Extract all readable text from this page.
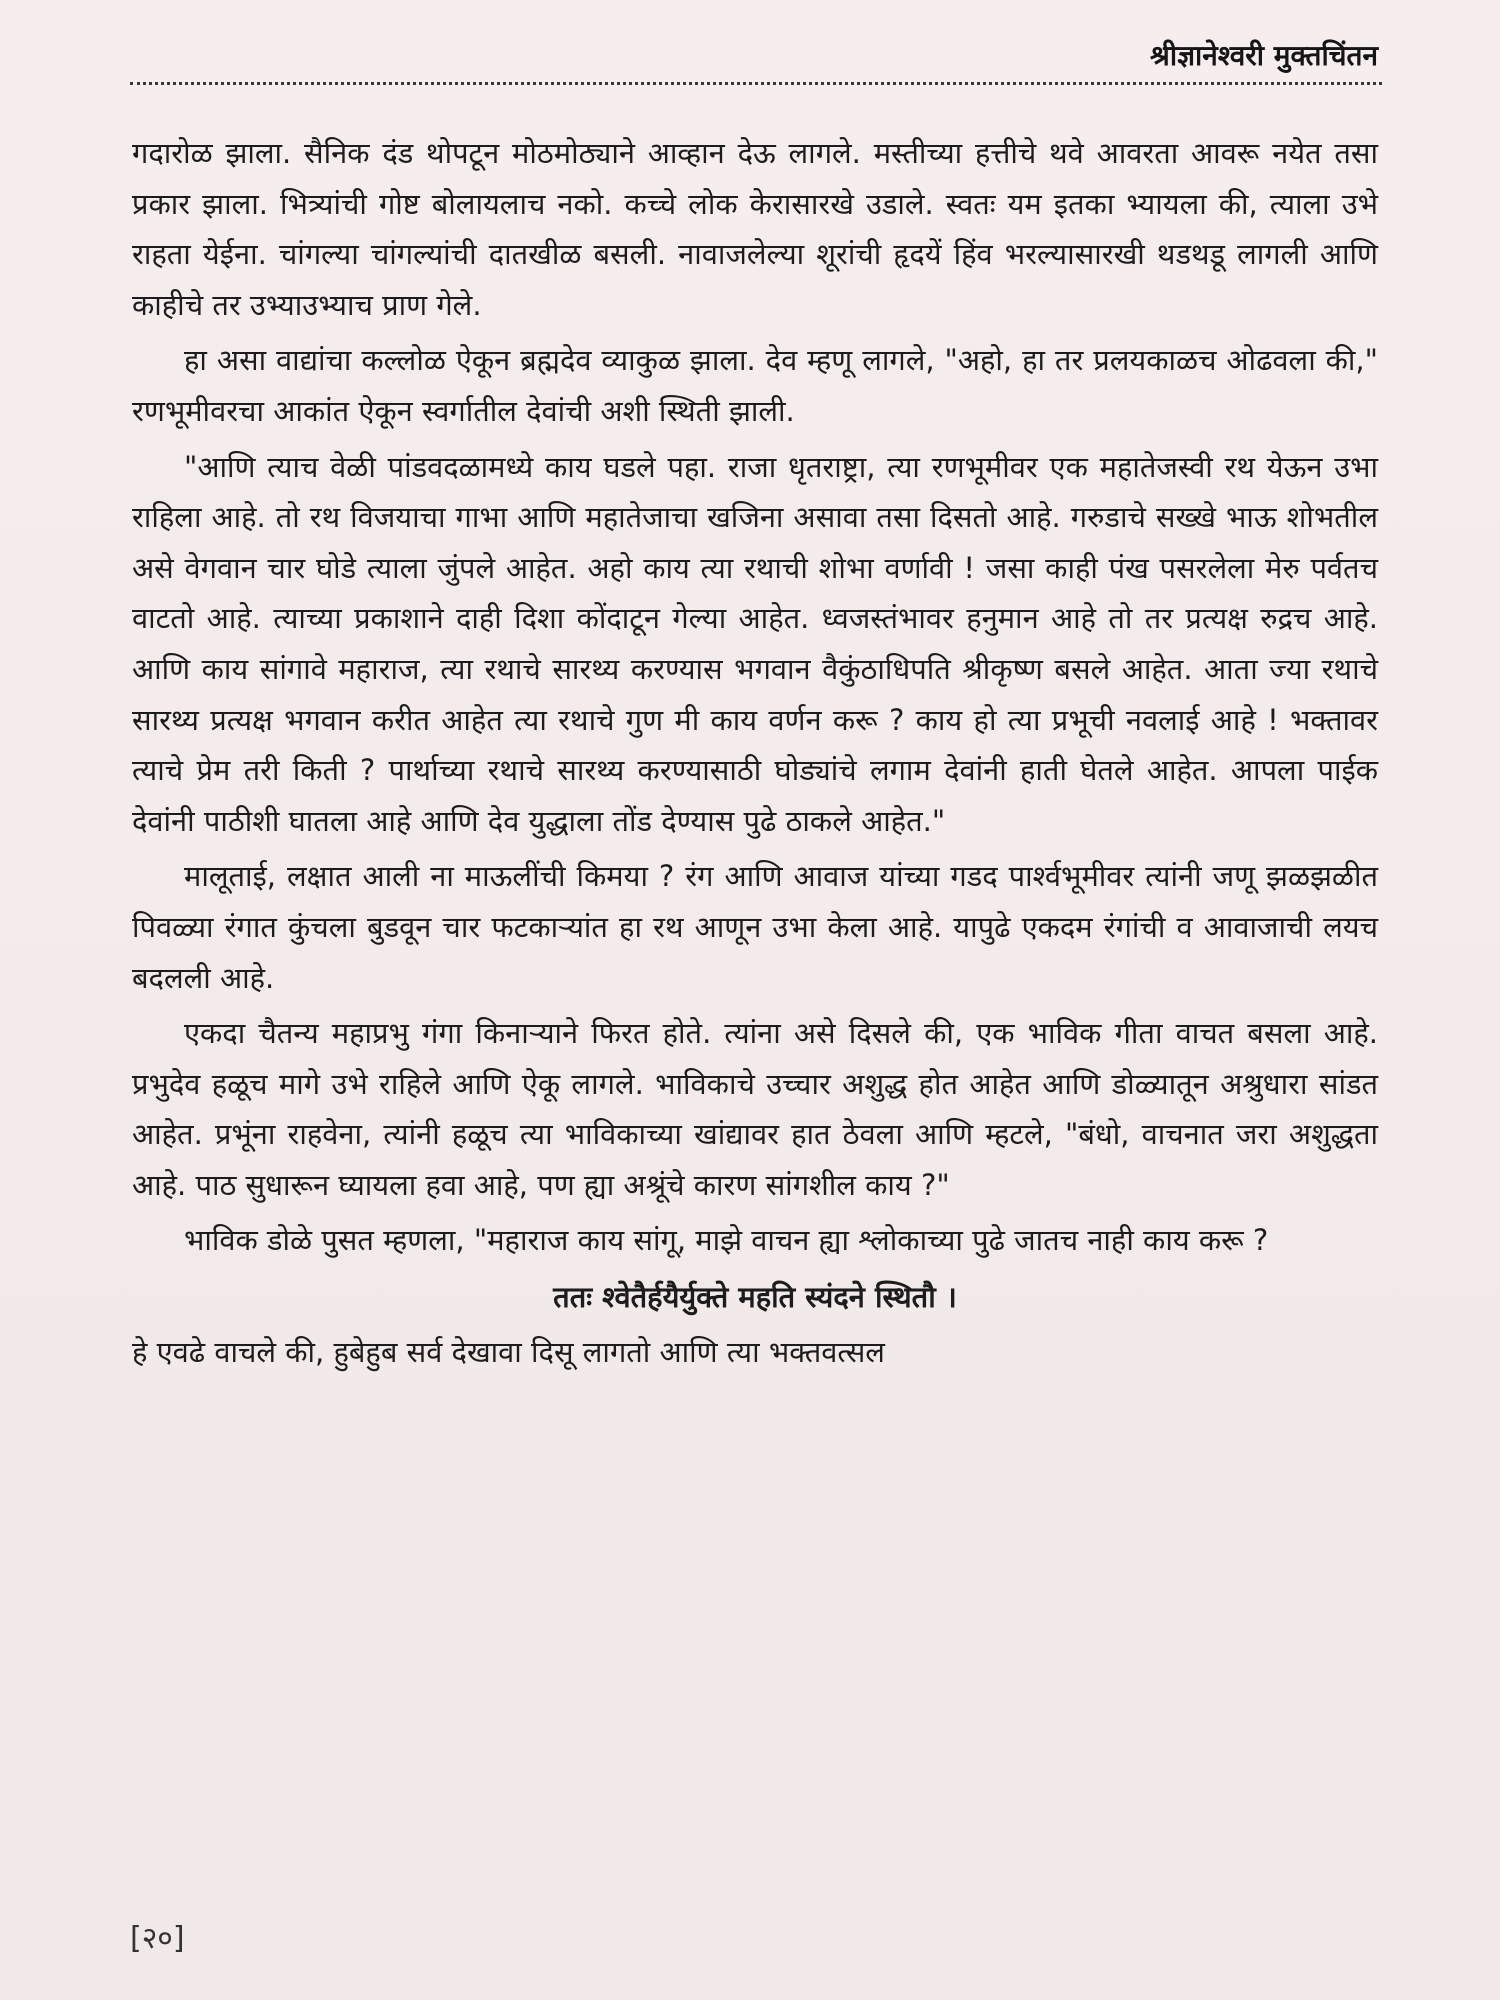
श्रीज्ञानेश्वरी मुक्तचिंतन

गदारोळ झाला. सैनिक दंड थोपटून मोठमोठ्याने आव्हान देऊ लागले. मस्तीच्या हत्तीचे थवे आवरता आवरू नयेत तसा प्रकार झाला. भित्र्यांची गोष्ट बोलायलाच नको. कच्चे लोक केरासारखे उडाले. स्वतः यम इतका भ्यायला की, त्याला उभे राहता येईना. चांगल्या चांगल्यांची दातखीळ बसली. नावाजलेल्या शूरांची हृदयें हिंव भरल्यासारखी थडथडू लागली आणि काहीचे तर उभ्याउभ्याच प्राण गेले.

हा असा वाद्यांचा कल्लोळ ऐकून ब्रह्मदेव व्याकुळ झाला. देव म्हणू लागले, "अहो, हा तर प्रलयकाळच ओढवला की," रणभूमीवरचा आकांत ऐकून स्वर्गातील देवांची अशी स्थिती झाली.

"आणि त्याच वेळी पांडवदळामध्ये काय घडले पहा. राजा धृतराष्ट्रा, त्या रणभूमीवर एक महातेजस्वी रथ येऊन उभा राहिला आहे. तो रथ विजयाचा गाभा आणि महातेजाचा खजिना असावा तसा दिसतो आहे. गरुडाचे सख्खे भाऊ शोभतील असे वेगवान चार घोडे त्याला जुंपले आहेत. अहो काय त्या रथाची शोभा वर्णावी ! जसा काही पंख पसरलेला मेरु पर्वतच वाटतो आहे. त्याच्या प्रकाशाने दाही दिशा कोंदाटून गेल्या आहेत. ध्वजस्तंभावर हनुमान आहे तो तर प्रत्यक्ष रुद्रच आहे. आणि काय सांगावे महाराज, त्या रथाचे सारथ्य करण्यास भगवान वैकुंठाधिपति श्रीकृष्ण बसले आहेत. आता ज्या रथाचे सारथ्य प्रत्यक्ष भगवान करीत आहेत त्या रथाचे गुण मी काय वर्णन करू ? काय हो त्या प्रभूची नवलाई आहे ! भक्तावर त्याचे प्रेम तरी किती ? पार्थाच्या रथाचे सारथ्य करण्यासाठी घोड्यांचे लगाम देवांनी हाती घेतले आहेत. आपला पाईक देवांनी पाठीशी घातला आहे आणि देव युद्धाला तोंड देण्यास पुढे ठाकले आहेत."

मालूताई, लक्षात आली ना माऊलींची किमया ? रंग आणि आवाज यांच्या गडद पार्श्वभूमीवर त्यांनी जणू झळझळीत पिवळ्या रंगात कुंचला बुडवून चार फटकाऱ्यांत हा रथ आणून उभा केला आहे. यापुढे एकदम रंगांची व आवाजाची लयच बदलली आहे.

एकदा चैतन्य महाप्रभु गंगा किनाऱ्याने फिरत होते. त्यांना असे दिसले की, एक भाविक गीता वाचत बसला आहे. प्रभुदेव हळूच मागे उभे राहिले आणि ऐकू लागले. भाविकाचे उच्चार अशुद्ध होत आहेत आणि डोळ्यातून अश्रुधारा सांडत आहेत. प्रभूंना राहवेना, त्यांनी हळूच त्या भाविकाच्या खांद्यावर हात ठेवला आणि म्हटले, "बंधो, वाचनात जरा अशुद्धता आहे. पाठ सुधारून घ्यायला हवा आहे, पण ह्या अश्रूंचे कारण सांगशील काय ?"

भाविक डोळे पुसत म्हणला, "महाराज काय सांगू, माझे वाचन ह्या श्लोकाच्या पुढे जातच नाही काय करू ?

ततः श्वेतैर्हयैर्युक्ते महति स्यंदने स्थितौ ।

हे एवढे वाचले की, हुबेहुब सर्व देखावा दिसू लागतो आणि त्या भक्तवत्सल

[२०]
